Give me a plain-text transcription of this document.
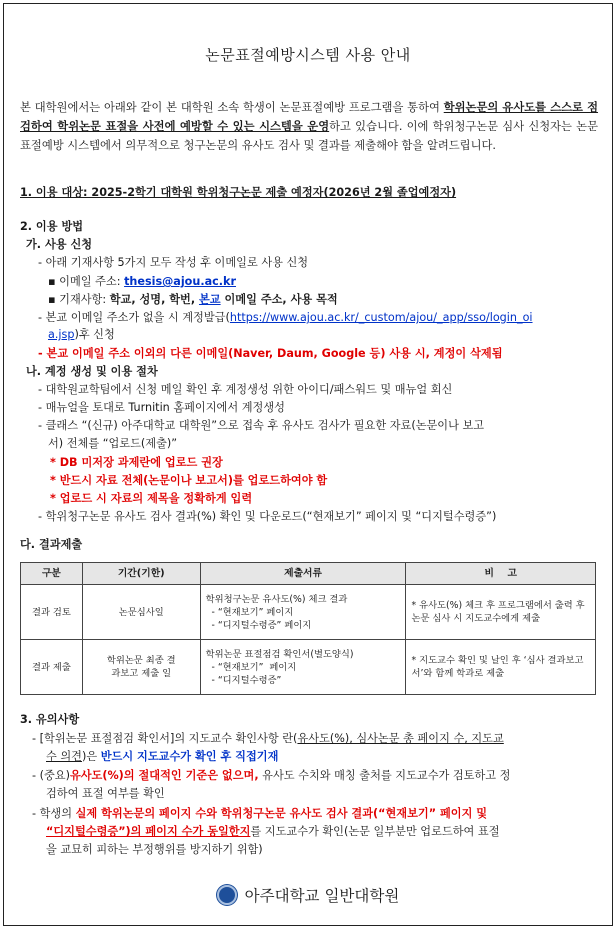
논문표절예방시스템 사용 안내
본 대학원에서는 아래와 같이 본 대학원 소속 학생이 논문표절예방 프로그램을 통하여 학위논문의 유사도를 스스로 점검하여 학위논문 표절을 사전에 예방할 수 있는 시스템을 운영하고 있습니다. 이에 학위청구논문 심사 신청자는 논문표절예방 시스템에서 의무적으로 청구논문의 유사도 검사 및 결과를 제출해야 함을 알려드립니다.
1. 이용 대상: 2025-2학기 대학원 학위청구논문 제출 예정자(2026년 2월 졸업예정자)
2. 이용 방법
가. 사용 신청
- 아래 기재사항 5가지 모두 작성 후 이메일로 사용 신청
▪ 이메일 주소: thesis@ajou.ac.kr
▪ 기재사항: 학교, 성명, 학번, 본교 이메일 주소, 사용 목적
- 본교 이메일 주소가 없을 시 계정발급(https://www.ajou.ac.kr/_custom/ajou/_app/sso/login_oi
a.jsp)후 신청
- 본교 이메일 주소 이외의 다른 이메일(Naver, Daum, Google 등) 사용 시, 계정이 삭제됨
나. 계정 생성 및 이용 절차
- 대학원교학팀에서 신청 메일 확인 후 계정생성 위한 아이디/패스워드 및 매뉴얼 회신
- 매뉴얼을 토대로 Turnitin 홈페이지에서 계정생성
- 클래스 “(신규) 아주대학교 대학원”으로 접속 후 유사도 검사가 필요한 자료(논문이나 보고
서) 전체를 “업로드(제출)”
* DB 미저장 과제란에 업로드 권장
* 반드시 자료 전체(논문이나 보고서)를 업로드하여야 함
* 업로드 시 자료의 제목을 정확하게 입력
- 학위청구논문 유사도 검사 결과(%) 확인 및 다운로드(“현재보기” 페이지 및 “디지털수령증”)
다. 결과제출
구분	기간(기한)	제출서류	비    고
결과 검토	논문심사일	학위청구논문 유사도(%) 체크 결과
- “현재보기” 페이지
- “디지털수령증” 페이지	* 유사도(%) 체크 후 프로그램에서 출력 후 논문 심사 시 지도교수에게 제출
결과 제출	학위논문 최종 결과보고 제출 일	학위논문 표절점검 확인서(별도양식)
- “현재보기”  페이지
- “디지털수령증”	* 지도교수 확인 및 날인 후 ‘심사 결과보고서’와 함께 학과로 제출
3. 유의사항
- [학위논문 표절점검 확인서]의 지도교수 확인사항 란(유사도(%), 심사논문 총 페이지 수, 지도교
수 의견)은 반드시 지도교수가 확인 후 직접기재
- (중요)유사도(%)의 절대적인 기준은 없으며, 유사도 수치와 매칭 출처를 지도교수가 검토하고 정
검하여 표절 여부를 확인
- 학생의 실제 학위논문의 페이지 수와 학위청구논문 유사도 검사 결과(“현재보기” 페이지 및
“디지털수령증”)의 페이지 수가 동일한지를 지도교수가 확인(논문 일부분만 업로드하여 표절
을 교묘히 피하는 부정행위를 방지하기 위함)
아주대학교 일반대학원
